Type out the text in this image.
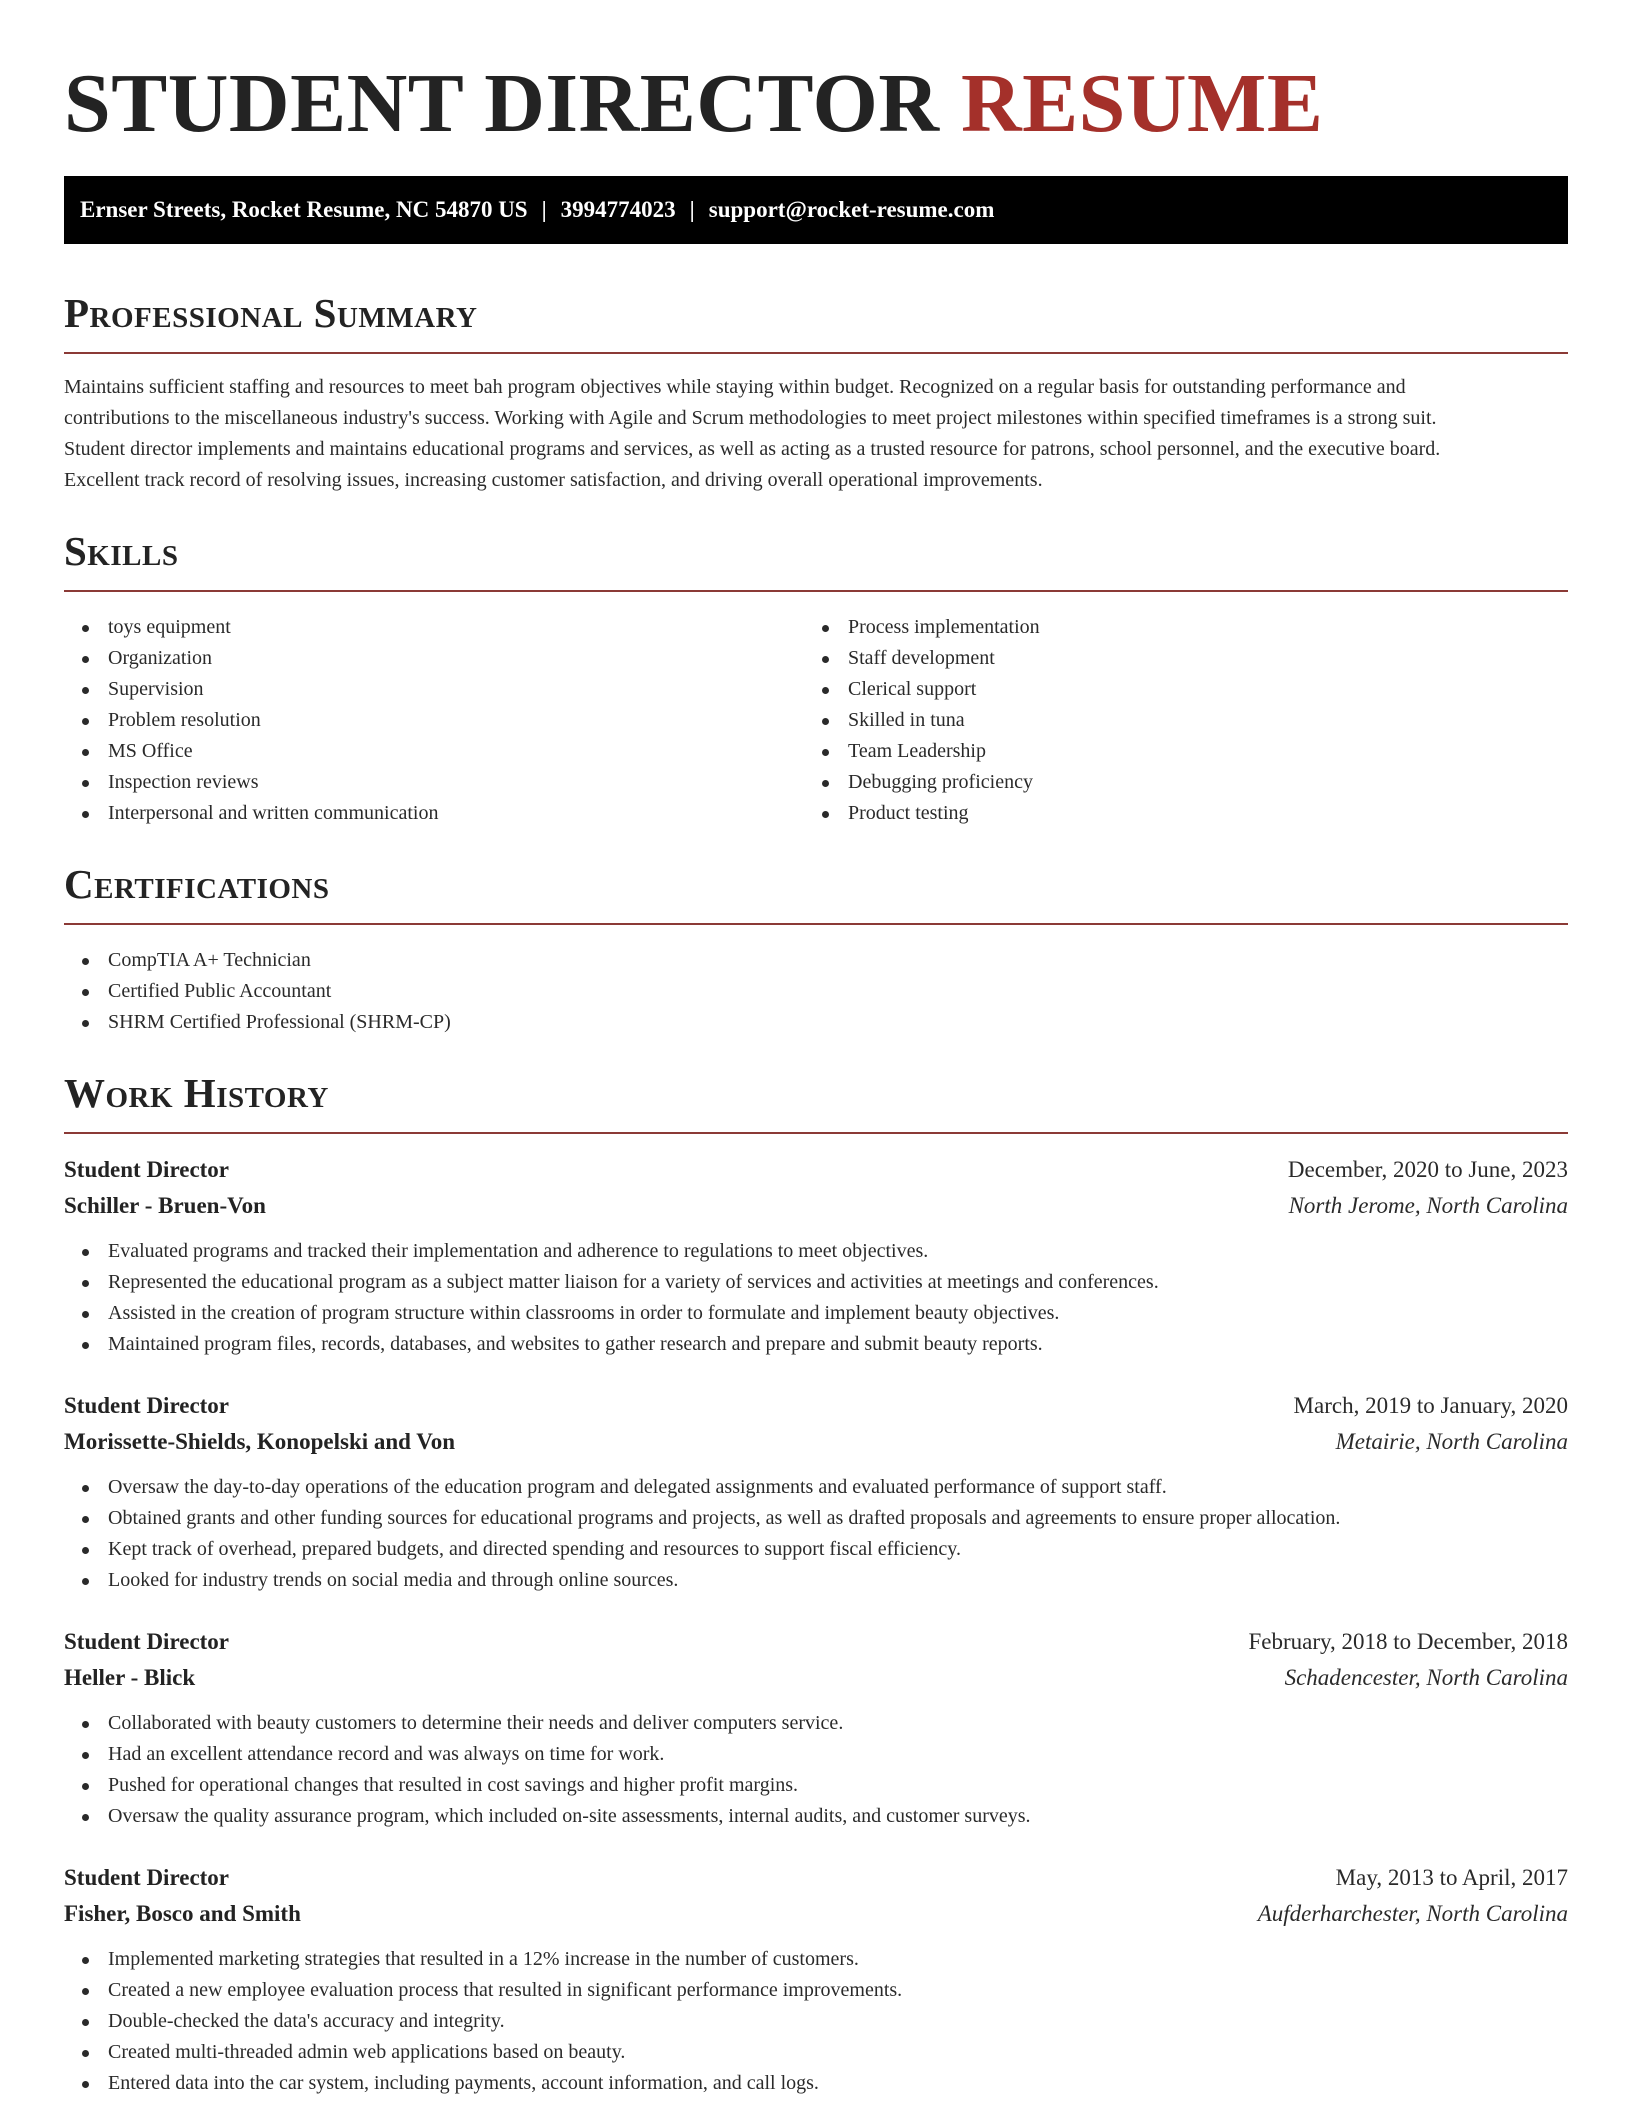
STUDENT DIRECTOR RESUME
Ernser Streets, Rocket Resume, NC 54870 US | 3994774023 | support@rocket-resume.com
Professional Summary
Maintains sufficient staffing and resources to meet bah program objectives while staying within budget. Recognized on a regular basis for outstanding performance and
contributions to the miscellaneous industry's success. Working with Agile and Scrum methodologies to meet project milestones within specified timeframes is a strong suit.
Student director implements and maintains educational programs and services, as well as acting as a trusted resource for patrons, school personnel, and the executive board.
Excellent track record of resolving issues, increasing customer satisfaction, and driving overall operational improvements.
Skills
toys equipment
Organization
Supervision
Problem resolution
MS Office
Inspection reviews
Interpersonal and written communication
Process implementation
Staff development
Clerical support
Skilled in tuna
Team Leadership
Debugging proficiency
Product testing
Certifications
CompTIA A+ Technician
Certified Public Accountant
SHRM Certified Professional (SHRM-CP)
Work History
Student Director	December, 2020 to June, 2023
Schiller - Bruen-Von	North Jerome, North Carolina
Evaluated programs and tracked their implementation and adherence to regulations to meet objectives.
Represented the educational program as a subject matter liaison for a variety of services and activities at meetings and conferences.
Assisted in the creation of program structure within classrooms in order to formulate and implement beauty objectives.
Maintained program files, records, databases, and websites to gather research and prepare and submit beauty reports.
Student Director	March, 2019 to January, 2020
Morissette-Shields, Konopelski and Von	Metairie, North Carolina
Oversaw the day-to-day operations of the education program and delegated assignments and evaluated performance of support staff.
Obtained grants and other funding sources for educational programs and projects, as well as drafted proposals and agreements to ensure proper allocation.
Kept track of overhead, prepared budgets, and directed spending and resources to support fiscal efficiency.
Looked for industry trends on social media and through online sources.
Student Director	February, 2018 to December, 2018
Heller - Blick	Schadencester, North Carolina
Collaborated with beauty customers to determine their needs and deliver computers service.
Had an excellent attendance record and was always on time for work.
Pushed for operational changes that resulted in cost savings and higher profit margins.
Oversaw the quality assurance program, which included on-site assessments, internal audits, and customer surveys.
Student Director	May, 2013 to April, 2017
Fisher, Bosco and Smith	Aufderharchester, North Carolina
Implemented marketing strategies that resulted in a 12% increase in the number of customers.
Created a new employee evaluation process that resulted in significant performance improvements.
Double-checked the data's accuracy and integrity.
Created multi-threaded admin web applications based on beauty.
Entered data into the car system, including payments, account information, and call logs.
